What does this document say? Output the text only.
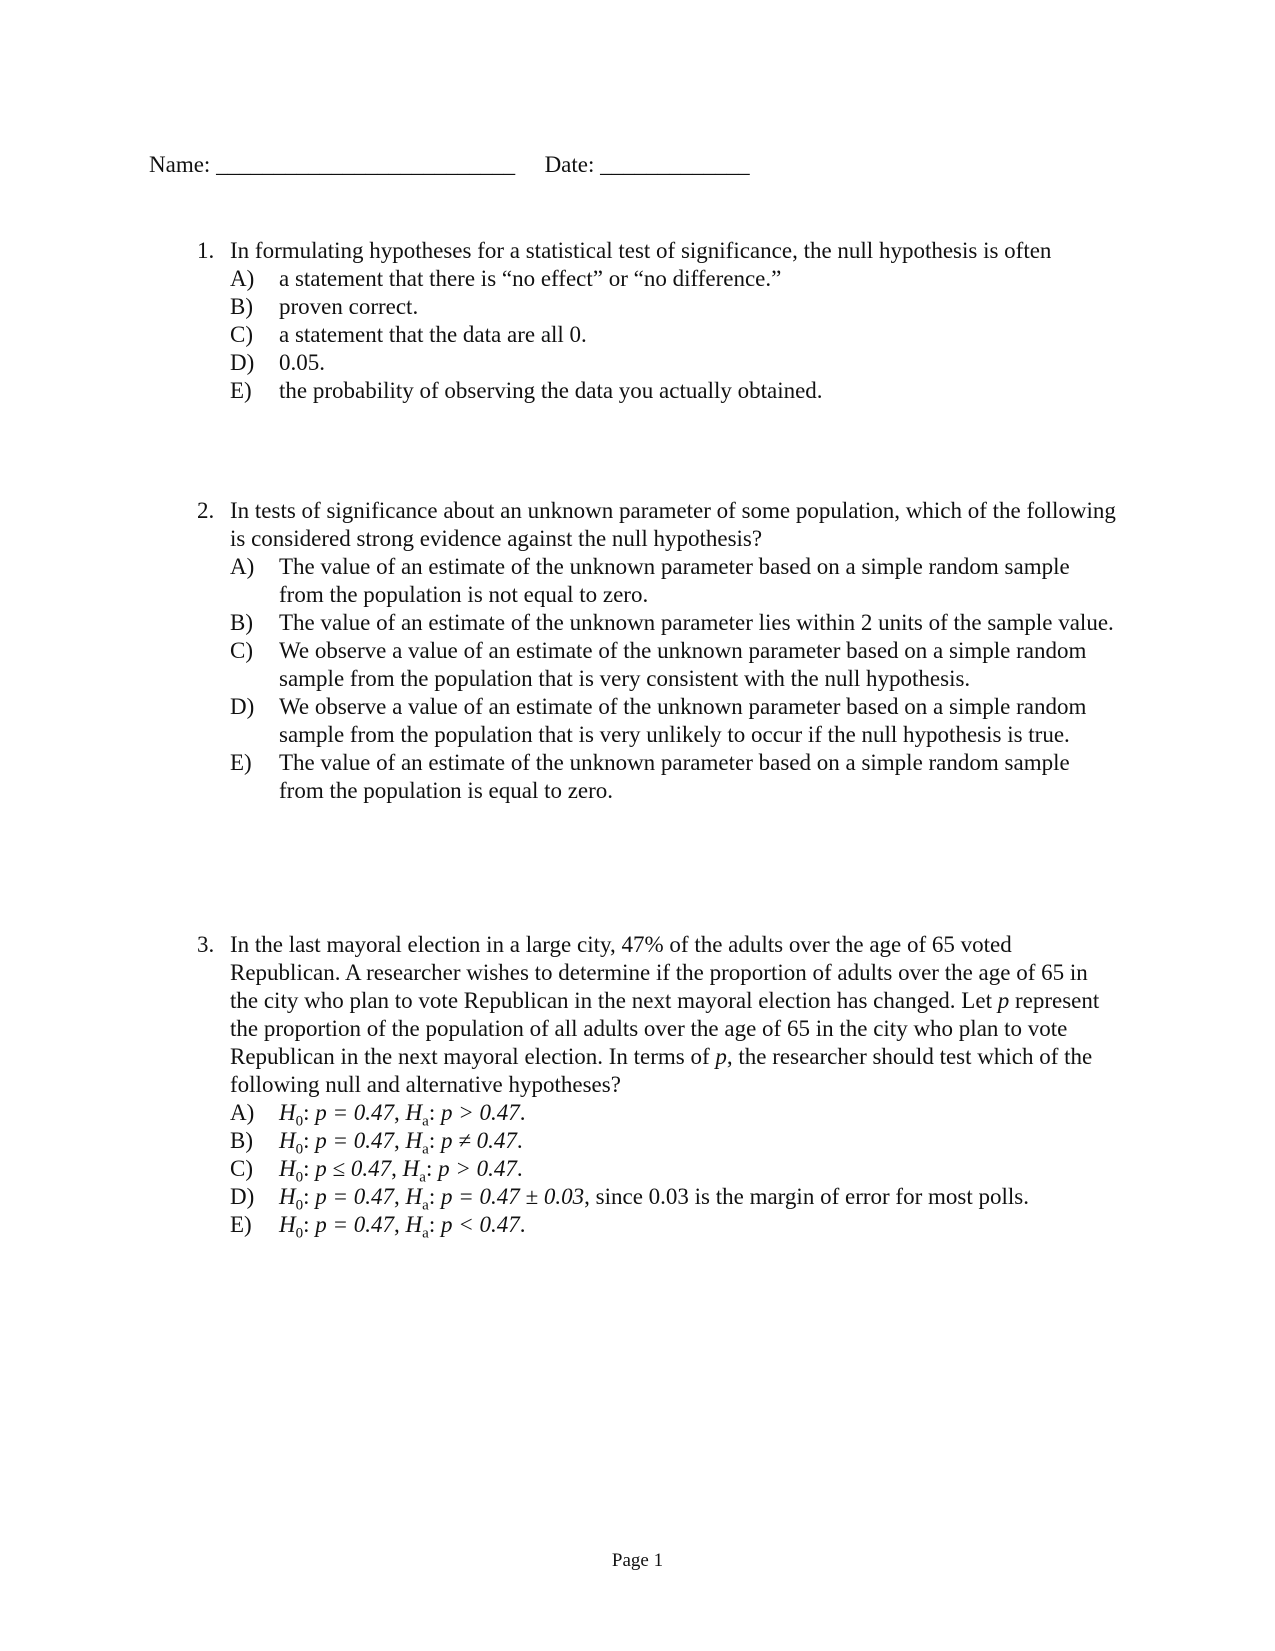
Name: __________________________ Date: _____________
1. In formulating hypotheses for a statistical test of significance, the null hypothesis is often
A)	a statement that there is “no effect” or “no difference.”
B)	proven correct.
C)	a statement that the data are all 0.
D)	0.05.
E)	the probability of observing the data you actually obtained.
2. In tests of significance about an unknown parameter of some population, which of the following is considered strong evidence against the null hypothesis?
A)	The value of an estimate of the unknown parameter based on a simple random sample from the population is not equal to zero.
B)	The value of an estimate of the unknown parameter lies within 2 units of the sample value.
C)	We observe a value of an estimate of the unknown parameter based on a simple random sample from the population that is very consistent with the null hypothesis.
D)	We observe a value of an estimate of the unknown parameter based on a simple random sample from the population that is very unlikely to occur if the null hypothesis is true.
E)	The value of an estimate of the unknown parameter based on a simple random sample from the population is equal to zero.
3. In the last mayoral election in a large city, 47% of the adults over the age of 65 voted Republican. A researcher wishes to determine if the proportion of adults over the age of 65 in the city who plan to vote Republican in the next mayoral election has changed. Let p represent the proportion of the population of all adults over the age of 65 in the city who plan to vote Republican in the next mayoral election. In terms of p, the researcher should test which of the following null and alternative hypotheses?
A)	$H_0$: p = 0.47, $H_a$: p > 0.47.
B)	$H_0$: p = 0.47, $H_a$: p ≠ 0.47.
C)	$H_0$: p ≤ 0.47, $H_a$: p > 0.47.
D)	$H_0$: p = 0.47, $H_a$: p = 0.47 ± 0.03, since 0.03 is the margin of error for most polls.
E)	$H_0$: p = 0.47, $H_a$: p < 0.47.
Page 1
